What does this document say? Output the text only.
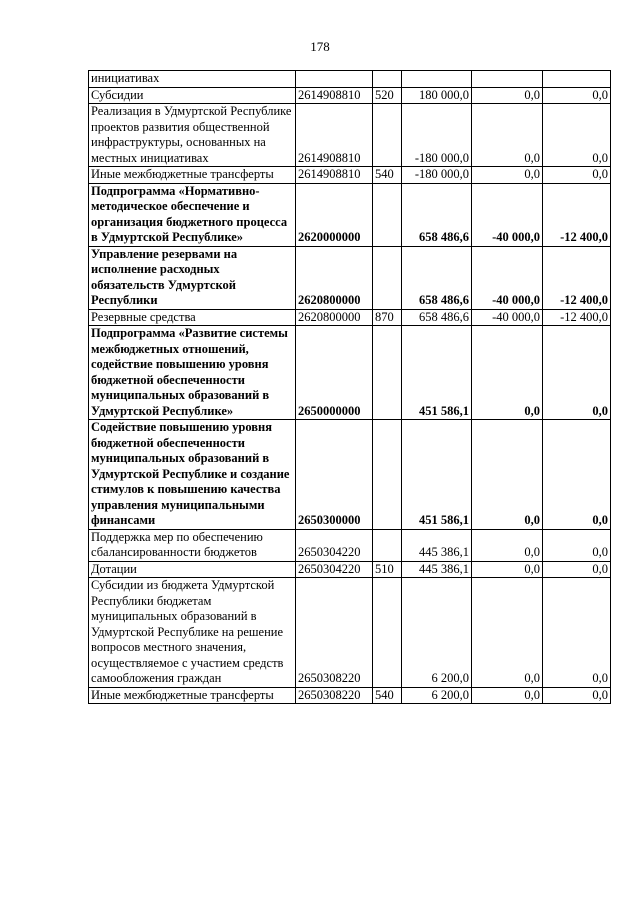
178
инициативах					
Субсидии	2614908810	520	180 000,0	0,0	0,0
Реализация в Удмуртской Республике проектов развития общественной инфраструктуры, основанных на местных инициативах	2614908810		-180 000,0	0,0	0,0
Иные межбюджетные трансферты	2614908810	540	-180 000,0	0,0	0,0
Подпрограмма «Нормативно-методическое обеспечение и организация бюджетного процесса в Удмуртской Республике»	2620000000		658 486,6	-40 000,0	-12 400,0
Управление резервами на исполнение расходных обязательств Удмуртской Республики	2620800000		658 486,6	-40 000,0	-12 400,0
Резервные средства	2620800000	870	658 486,6	-40 000,0	-12 400,0
Подпрограмма «Развитие системы межбюджетных отношений, содействие повышению уровня бюджетной обеспеченности муниципальных образований в Удмуртской Республике»	2650000000		451 586,1	0,0	0,0
Содействие повышению уровня бюджетной обеспеченности муниципальных образований в Удмуртской Республике и создание стимулов к повышению качества управления муниципальными финансами	2650300000		451 586,1	0,0	0,0
Поддержка мер по обеспечению сбалансированности бюджетов	2650304220		445 386,1	0,0	0,0
Дотации	2650304220	510	445 386,1	0,0	0,0
Субсидии из бюджета Удмуртской Республики бюджетам муниципальных образований в Удмуртской Республике на решение вопросов местного значения, осуществляемое с участием средств самообложения граждан	2650308220		6 200,0	0,0	0,0
Иные межбюджетные трансферты	2650308220	540	6 200,0	0,0	0,0
